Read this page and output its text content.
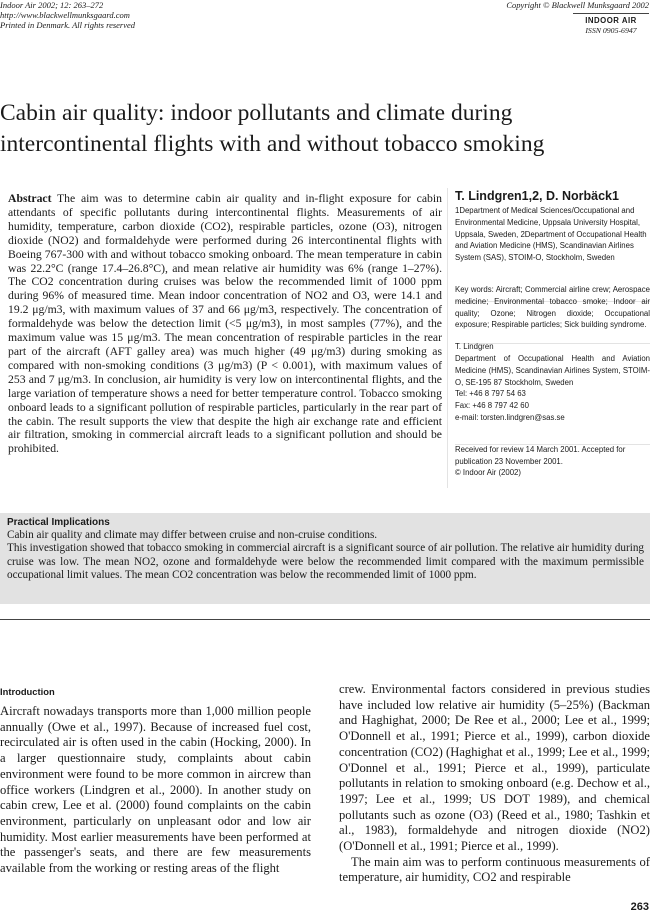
Indoor Air 2002; 12: 263–272
http://www.blackwellmunksgaard.com
Printed in Denmark. All rights reserved
Copyright © Blackwell Munksgaard 2002
INDOOR AIR
ISSN 0905-6947
Cabin air quality: indoor pollutants and climate during
intercontinental flights with and without tobacco smoking
Abstract The aim was to determine cabin air quality and in-flight exposure for cabin attendants of specific pollutants during intercontinental flights. Measurements of air humidity, temperature, carbon dioxide (CO2), respirable particles, ozone (O3), nitrogen dioxide (NO2) and formaldehyde were performed during 26 intercontinental flights with Boeing 767-300 with and without tobacco smoking onboard. The mean temperature in cabin was 22.2°C (range 17.4–26.8°C), and mean relative air humidity was 6% (range 1–27%). The CO2 concentration during cruises was below the recommended limit of 1000 ppm during 96% of measured time. Mean indoor concentration of NO2 and O3, were 14.1 and 19.2 μg/m3, with maximum values of 37 and 66 μg/m3, respectively. The concentration of formaldehyde was below the detection limit (<5 μg/m3), in most samples (77%), and the maximum value was 15 μg/m3. The mean concentration of respirable particles in the rear part of the aircraft (AFT galley area) was much higher (49 μg/m3) during smoking as compared with non-smoking conditions (3 μg/m3) (P < 0.001), with maximum values of 253 and 7 μg/m3. In conclusion, air humidity is very low on intercontinental flights, and the large variation of temperature shows a need for better temperature control. Tobacco smoking onboard leads to a significant pollution of respirable particles, particularly in the rear part of the cabin. The result supports the view that despite the high air exchange rate and efficient air filtration, smoking in commercial aircraft leads to a significant pollution and should be prohibited.
T. Lindgren1,2, D. Norbäck1

1Department of Medical Sciences/Occupational and Environmental Medicine, Uppsala University Hospital, Uppsala, Sweden, 2Department of Occupational Health and Aviation Medicine (HMS), Scandinavian Airlines System (SAS), STOIM-O, Stockholm, Sweden

Key words: Aircraft; Commercial airline crew; Aerospace medicine; Environmental tobacco smoke; Indoor air quality; Ozone; Nitrogen dioxide; Occupational exposure; Respirable particles; Sick building syndrome.

T. Lindgren

Department of Occupational Health and Aviation Medicine (HMS), Scandinavian Airlines System, STOIM-O, SE-195 87 Stockholm, Sweden

Tel: +46 8 797 54 63

Fax: +46 8 797 42 60

e-mail: torsten.lindgren@sas.se

Received for review 14 March 2001. Accepted for publication 23 November 2001.

© Indoor Air (2002)

Practical Implications
Cabin air quality and climate may differ between cruise and non-cruise conditions.
This investigation showed that tobacco smoking in commercial aircraft is a significant source of air pollution. The relative air humidity during cruise was low. The mean NO2, ozone and formaldehyde were below the recommended limit compared with the maximum permissible occupational limit values. The mean CO2 concentration was below the recommended limit of 1000 ppm.
Introduction

Aircraft nowadays transports more than 1,000 million people annually (Owe et al., 1997). Because of increased fuel cost, recirculated air is often used in the cabin (Hocking, 2000). In a larger questionnaire study, complaints about cabin environment were found to be more common in aircrew than office workers (Lindgren et al., 2000). In another study on cabin crew, Lee et al. (2000) found complaints on the cabin environment, particularly on unpleasant odor and low air humidity. Most earlier measurements have been performed at the passenger's seats, and there are few measurements available from the working or resting areas of the flight

crew. Environmental factors considered in previous studies have included low relative air humidity (5–25%) (Backman and Haghighat, 2000; De Ree et al., 2000; Lee et al., 1999; O'Donnell et al., 1991; Pierce et al., 1999), carbon dioxide concentration (CO2) (Haghighat et al., 1999; Lee et al., 1999; O'Donnel et al., 1991; Pierce et al., 1999), particulate pollutants in relation to smoking onboard (e.g. Dechow et al., 1997; Lee et al., 1999; US DOT 1989), and chemical pollutants such as ozone (O3) (Reed et al., 1980; Tashkin et al., 1983), formaldehyde and nitrogen dioxide (NO2) (O'Donnell et al., 1991; Pierce et al., 1999).

The main aim was to perform continuous measurements of temperature, air humidity, CO2 and respirable

263
